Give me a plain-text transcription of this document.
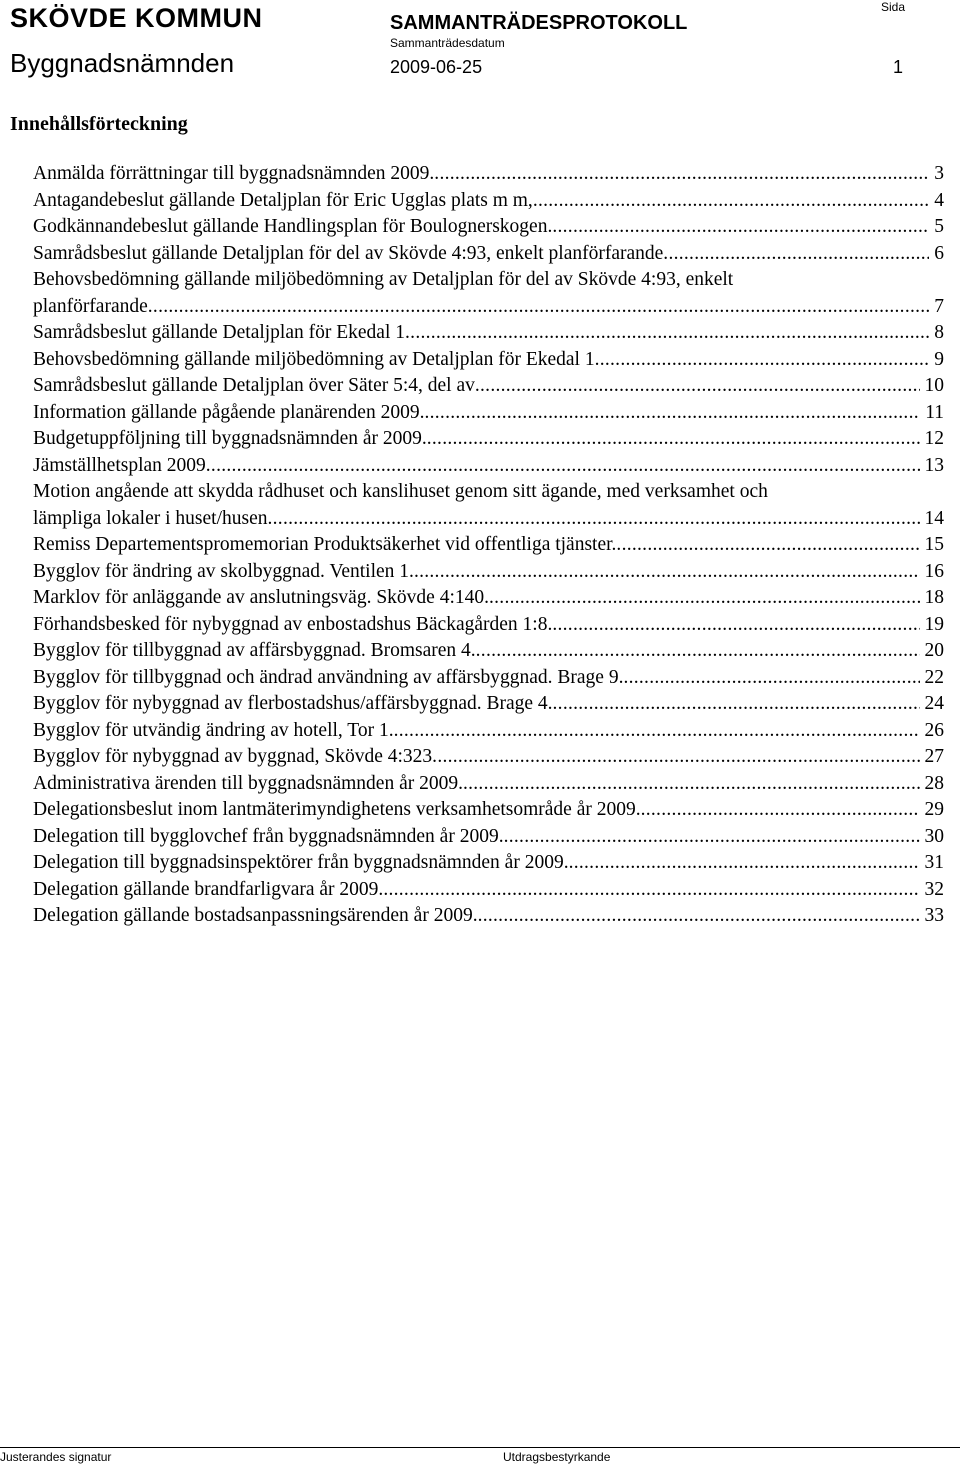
SKÖVDE KOMMUN	SAMMANTRÄDESPROTOKOLL
Sammanträdesdatum
Sida
Byggnadsnämnden	2009-06-25	1
Innehållsförteckning
Anmälda förrättningar till byggnadsnämnden 2009. . . .	3
Antagandebeslut gällande Detaljplan för Eric Ugglas plats m m, . . .	4
Godkännandebeslut gällande Handlingsplan för Boulognerskogen. . . .	5
Samrådsbeslut gällande Detaljplan för del av Skövde 4:93, enkelt planförfarande . . .	6
Behovsbedömning gällande miljöbedömning av Detaljplan för del av Skövde 4:93, enkelt
planförfarande . . .	7
Samrådsbeslut gällande Detaljplan för Ekedal 1 . . .	8
Behovsbedömning gällande miljöbedömning av Detaljplan för Ekedal 1 . . .	9
Samrådsbeslut gällande Detaljplan över Säter 5:4, del av . . .	10
Information gällande pågående planärenden 2009. . . .	11
Budgetuppföljning till byggnadsnämnden år 2009. . . .	12
Jämställhetsplan 2009 . . .	13
Motion angående att skydda rådhuset och kanslihuset genom sitt ägande, med verksamhet och
lämpliga lokaler i huset/husen . . .	14
Remiss Departementspromemorian Produktsäkerhet vid offentliga tjänster. . . .	15
Bygglov för ändring av skolbyggnad. Ventilen 1. . . .	16
Marklov för anläggande av anslutningsväg. Skövde 4:140. . . .	18
Förhandsbesked för nybyggnad av enbostadshus Bäckagården 1:8. . . .	19
Bygglov för tillbyggnad av affärsbyggnad. Bromsaren 4. . . .	20
Bygglov för tillbyggnad och ändrad användning av affärsbyggnad. Brage 9. . . .	22
Bygglov för nybyggnad av flerbostadshus/affärsbyggnad. Brage 4. . . .	24
Bygglov för utvändig ändring av hotell, Tor 1. . . .	26
Bygglov för nybyggnad av byggnad, Skövde 4:323 . . .	27
Administrativa ärenden till byggnadsnämnden år 2009. . . .	28
Delegationsbeslut inom lantmäterimyndighetens verksamhetsområde år 2009. . . .	29
Delegation till bygglovchef från byggnadsnämnden år 2009. . . .	30
Delegation till byggnadsinspektörer från byggnadsnämnden år 2009. . . .	31
Delegation gällande brandfarligvara år 2009. . . .	32
Delegation gällande bostadsanpassningsärenden år 2009. . . .	33
Justerandes signatur	Utdragsbestyrkande
